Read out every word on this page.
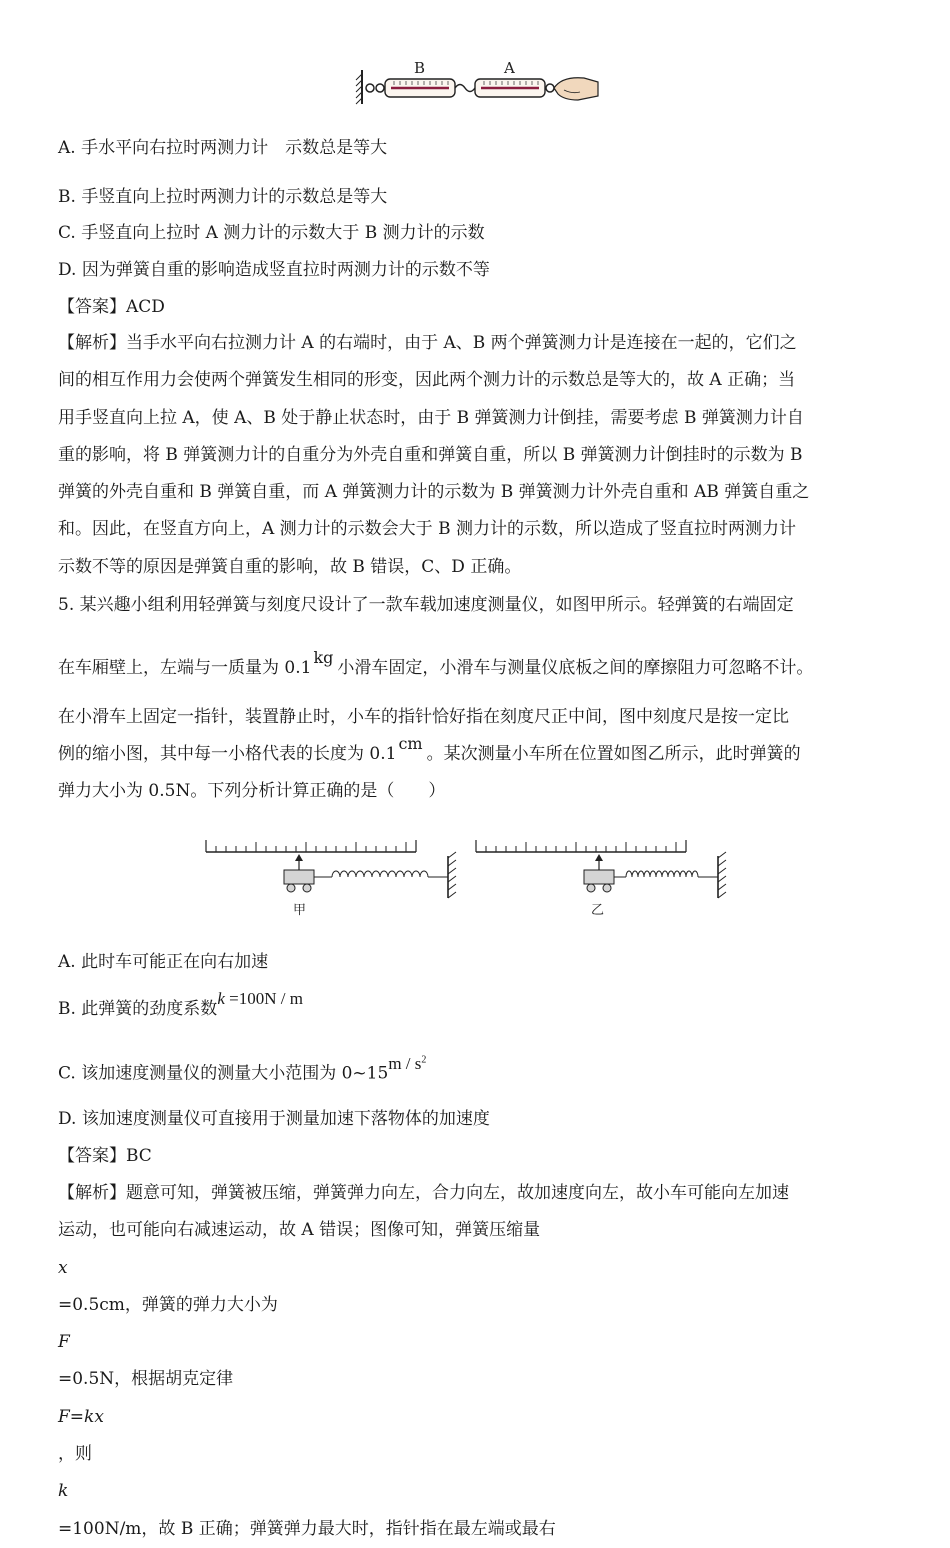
B	A
A. 手水平向右拉时两测力计　示数总是等大
B. 手竖直向上拉时两测力计的示数总是等大
C. 手竖直向上拉时 A 测力计的示数大于 B 测力计的示数
D. 因为弹簧自重的影响造成竖直拉时两测力计的示数不等
【答案】ACD
【解析】当手水平向右拉测力计 A 的右端时，由于 A、B 两个弹簧测力计是连接在一起的，它们之
间的相互作用力会使两个弹簧发生相同的形变，因此两个测力计的示数总是等大的，故 A 正确；当
用手竖直向上拉 A，使 A、B 处于静止状态时，由于 B 弹簧测力计倒挂，需要考虑 B 弹簧测力计自
重的影响，将 B 弹簧测力计的自重分为外壳自重和弹簧自重，所以 B 弹簧测力计倒挂时的示数为 B
弹簧的外壳自重和 B 弹簧自重，而 A 弹簧测力计的示数为 B 弹簧测力计外壳自重和 AB 弹簧自重之
和。因此，在竖直方向上，A 测力计的示数会大于 B 测力计的示数，所以造成了竖直拉时两测力计
示数不等的原因是弹簧自重的影响，故 B 错误，C、D 正确。
5. 某兴趣小组利用轻弹簧与刻度尺设计了一款车载加速度测量仪，如图甲所示。轻弹簧的右端固定
在车厢壁上，左端与一质量为 0.1kg小滑车固定，小滑车与测量仪底板之间的摩擦阻力可忽略不计。
在小滑车上固定一指针，装置静止时，小车的指针恰好指在刻度尺正中间，图中刻度尺是按一定比
例的缩小图，其中每一小格代表的长度为 0.1cm。某次测量小车所在位置如图乙所示，此时弹簧的
弹力大小为 0.5N。下列分析计算正确的是（　　）
甲	乙
A. 此时车可能正在向右加速
B. 此弹簧的劲度系数k =100N / m
C. 该加速度测量仪的测量大小范围为 0~15m / $s^2$
D. 该加速度测量仪可直接用于测量加速下落物体的加速度
【答案】BC
【解析】题意可知，弹簧被压缩，弹簧弹力向左，合力向左，故加速度向左，故小车可能向左加速
运动，也可能向右减速运动，故 A 错误；图像可知，弹簧压缩量
x
=0.5cm，弹簧的弹力大小为
F
=0.5N，根据胡克定律
F=kx
，则
k
=100N/m，故 B 正确；弹簧弹力最大时，指针指在最左端或最右
